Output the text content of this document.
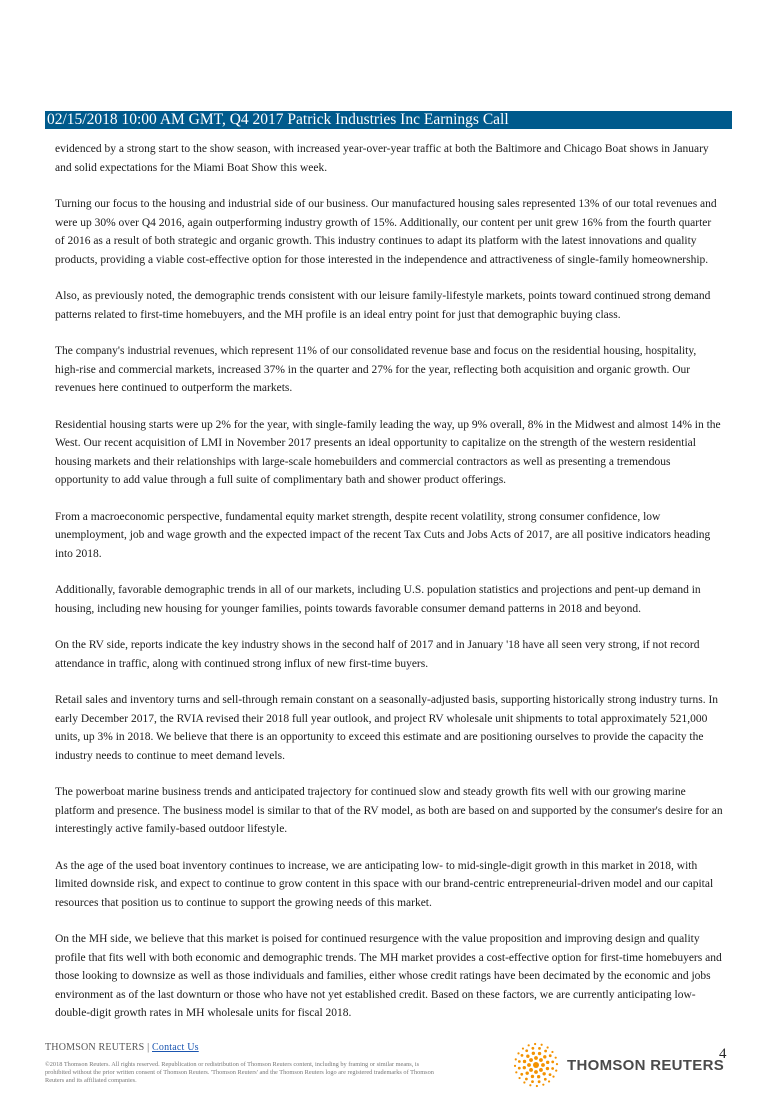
02/15/2018 10:00 AM GMT, Q4 2017 Patrick Industries Inc Earnings Call

evidenced by a strong start to the show season, with increased year-over-year traffic at both the Baltimore and Chicago Boat shows in January and solid expectations for the Miami Boat Show this week.

Turning our focus to the housing and industrial side of our business. Our manufactured housing sales represented 13% of our total revenues and were up 30% over Q4 2016, again outperforming industry growth of 15%. Additionally, our content per unit grew 16% from the fourth quarter of 2016 as a result of both strategic and organic growth. This industry continues to adapt its platform with the latest innovations and quality products, providing a viable cost-effective option for those interested in the independence and attractiveness of single-family homeownership.

Also, as previously noted, the demographic trends consistent with our leisure family-lifestyle markets, points toward continued strong demand patterns related to first-time homebuyers, and the MH profile is an ideal entry point for just that demographic buying class.

The company's industrial revenues, which represent 11% of our consolidated revenue base and focus on the residential housing, hospitality, high-rise and commercial markets, increased 37% in the quarter and 27% for the year, reflecting both acquisition and organic growth. Our revenues here continued to outperform the markets.

Residential housing starts were up 2% for the year, with single-family leading the way, up 9% overall, 8% in the Midwest and almost 14% in the West. Our recent acquisition of LMI in November 2017 presents an ideal opportunity to capitalize on the strength of the western residential housing markets and their relationships with large-scale homebuilders and commercial contractors as well as presenting a tremendous opportunity to add value through a full suite of complimentary bath and shower product offerings.

From a macroeconomic perspective, fundamental equity market strength, despite recent volatility, strong consumer confidence, low unemployment, job and wage growth and the expected impact of the recent Tax Cuts and Jobs Acts of 2017, are all positive indicators heading into 2018.

Additionally, favorable demographic trends in all of our markets, including U.S. population statistics and projections and pent-up demand in housing, including new housing for younger families, points towards favorable consumer demand patterns in 2018 and beyond.

On the RV side, reports indicate the key industry shows in the second half of 2017 and in January '18 have all seen very strong, if not record attendance in traffic, along with continued strong influx of new first-time buyers.

Retail sales and inventory turns and sell-through remain constant on a seasonally-adjusted basis, supporting historically strong industry turns. In early December 2017, the RVIA revised their 2018 full year outlook, and project RV wholesale unit shipments to total approximately 521,000 units, up 3% in 2018. We believe that there is an opportunity to exceed this estimate and are positioning ourselves to provide the capacity the industry needs to continue to meet demand levels.

The powerboat marine business trends and anticipated trajectory for continued slow and steady growth fits well with our growing marine platform and presence. The business model is similar to that of the RV model, as both are based on and supported by the consumer's desire for an interestingly active family-based outdoor lifestyle.

As the age of the used boat inventory continues to increase, we are anticipating low- to mid-single-digit growth in this market in 2018, with limited downside risk, and expect to continue to grow content in this space with our brand-centric entrepreneurial-driven model and our capital resources that position us to continue to support the growing needs of this market.

On the MH side, we believe that this market is poised for continued resurgence with the value proposition and improving design and quality profile that fits well with both economic and demographic trends. The MH market provides a cost-effective option for first-time homebuyers and those looking to downsize as well as those individuals and families, either whose credit ratings have been decimated by the economic and jobs environment as of the last downturn or those who have not yet established credit. Based on these factors, we are currently anticipating low-double-digit growth rates in MH wholesale units for fiscal 2018.

THOMSON REUTERS | Contact Us
©2018 Thomson Reuters. All rights reserved. Republication or redistribution of Thomson Reuters content, including by framing or similar means, is prohibited without the prior written consent of Thomson Reuters. 'Thomson Reuters' and the Thomson Reuters logo are registered trademarks of Thomson Reuters and its affiliated companies.
THOMSON REUTERS
4
